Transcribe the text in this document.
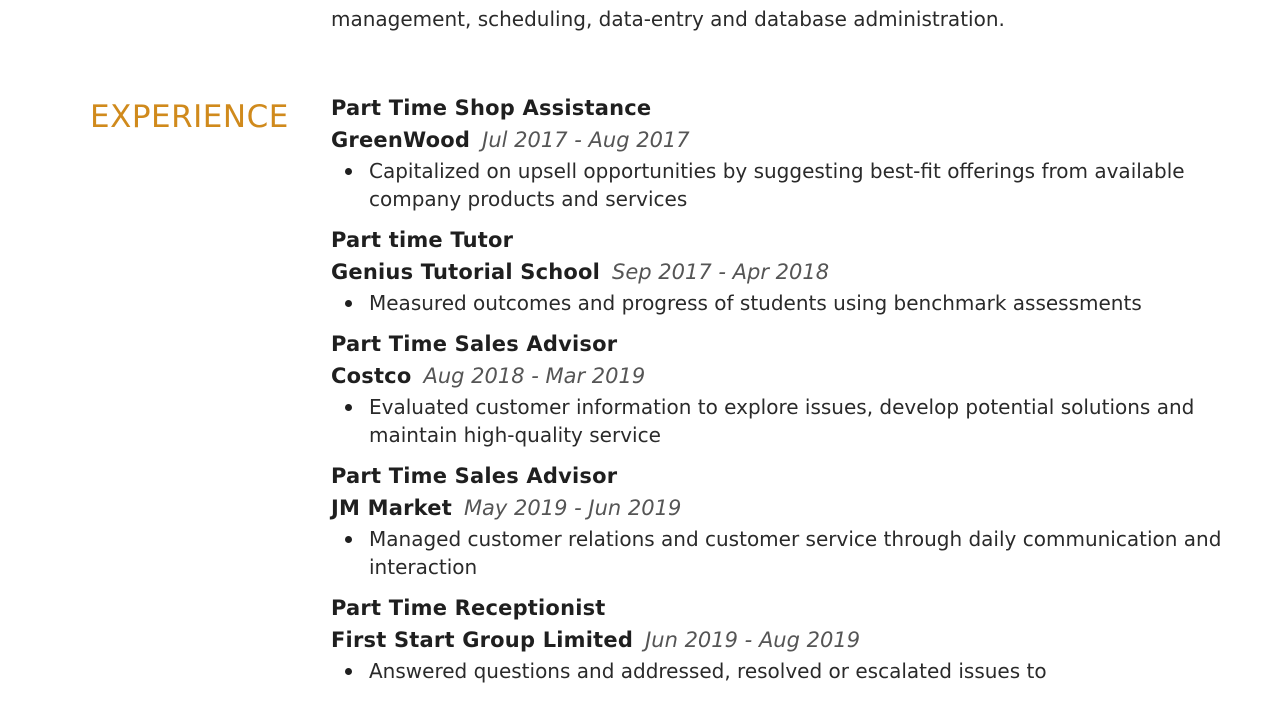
management, scheduling, data-entry and database administration.
EXPERIENCE Part Time Shop Assistance
GreenWood Jul 2017 - Aug 2017
Capitalized on upsell opportunities by suggesting best-fit offerings from available company products and services
Part time Tutor
Genius Tutorial School Sep 2017 - Apr 2018
Measured outcomes and progress of students using benchmark assessments
Part Time Sales Advisor
Costco Aug 2018 - Mar 2019
Evaluated customer information to explore issues, develop potential solutions and maintain high-quality service
Part Time Sales Advisor
JM Market May 2019 - Jun 2019
Managed customer relations and customer service through daily communication and interaction
Part Time Receptionist
First Start Group Limited Jun 2019 - Aug 2019
Answered questions and addressed, resolved or escalated issues to
